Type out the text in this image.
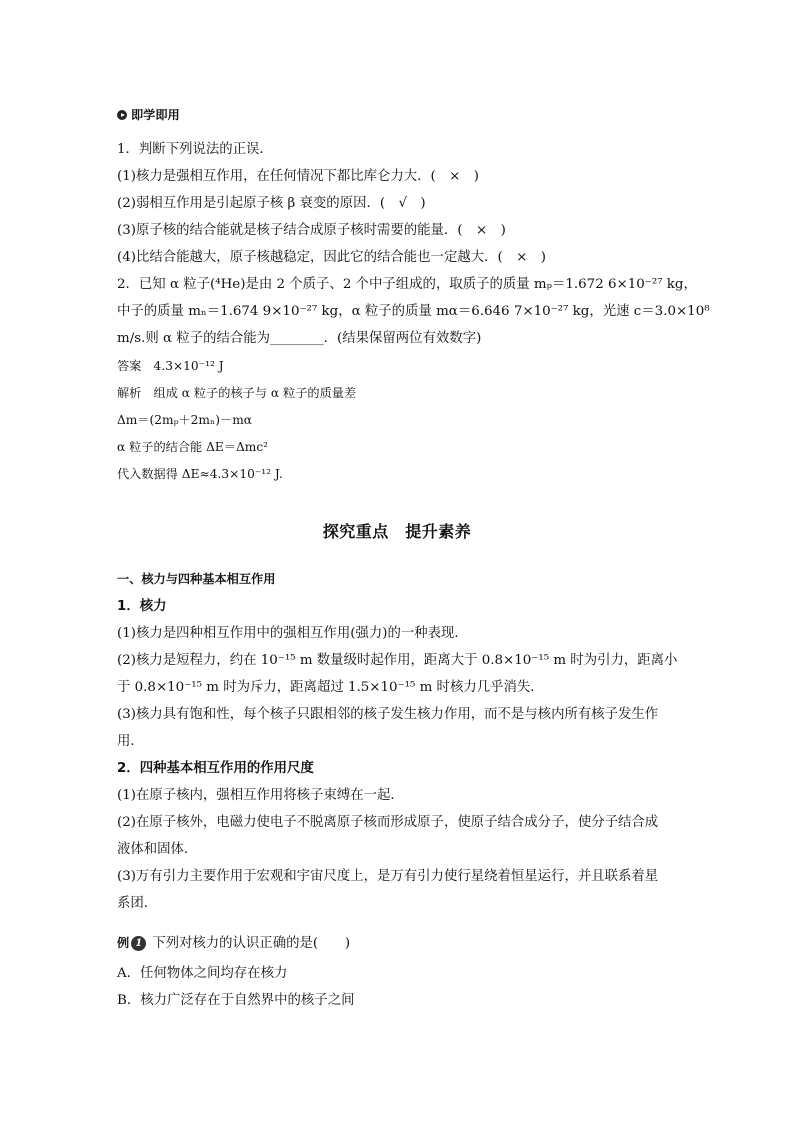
即学即用
1．判断下列说法的正误．
(1)核力是强相互作用，在任何情况下都比库仑力大．(　×　)
(2)弱相互作用是引起原子核 β 衰变的原因．(　√　)
(3)原子核的结合能就是核子结合成原子核时需要的能量．(　×　)
(4)比结合能越大，原子核越稳定，因此它的结合能也一定越大．(　×　)
2．已知 α 粒子(⁴He)是由 2 个质子、2 个中子组成的，取质子的质量 mₚ＝1.672 6×10⁻²⁷ kg，
中子的质量 mₙ＝1.674 9×10⁻²⁷ kg，α 粒子的质量 mα＝6.646 7×10⁻²⁷ kg，光速 c＝3.0×10⁸
m/s.则 α 粒子的结合能为________．(结果保留两位有效数字)
答案　4.3×10⁻¹² J
解析　组成 α 粒子的核子与 α 粒子的质量差
Δm＝(2mₚ＋2mₙ)－mα
α 粒子的结合能 ΔE＝Δmc²
代入数据得 ΔE≈4.3×10⁻¹² J.
探究重点　提升素养
一、核力与四种基本相互作用
1．核力
(1)核力是四种相互作用中的强相互作用(强力)的一种表现．
(2)核力是短程力，约在 10⁻¹⁵ m 数量级时起作用，距离大于 0.8×10⁻¹⁵ m 时为引力，距离小
于 0.8×10⁻¹⁵ m 时为斥力，距离超过 1.5×10⁻¹⁵ m 时核力几乎消失．
(3)核力具有饱和性，每个核子只跟相邻的核子发生核力作用，而不是与核内所有核子发生作
用．
2．四种基本相互作用的作用尺度
(1)在原子核内，强相互作用将核子束缚在一起．
(2)在原子核外，电磁力使电子不脱离原子核而形成原子，使原子结合成分子，使分子结合成
液体和固体．
(3)万有引力主要作用于宏观和宇宙尺度上，是万有引力使行星绕着恒星运行，并且联系着星
系团．
例 1 下列对核力的认识正确的是(　　)
A．任何物体之间均存在核力
B．核力广泛存在于自然界中的核子之间
